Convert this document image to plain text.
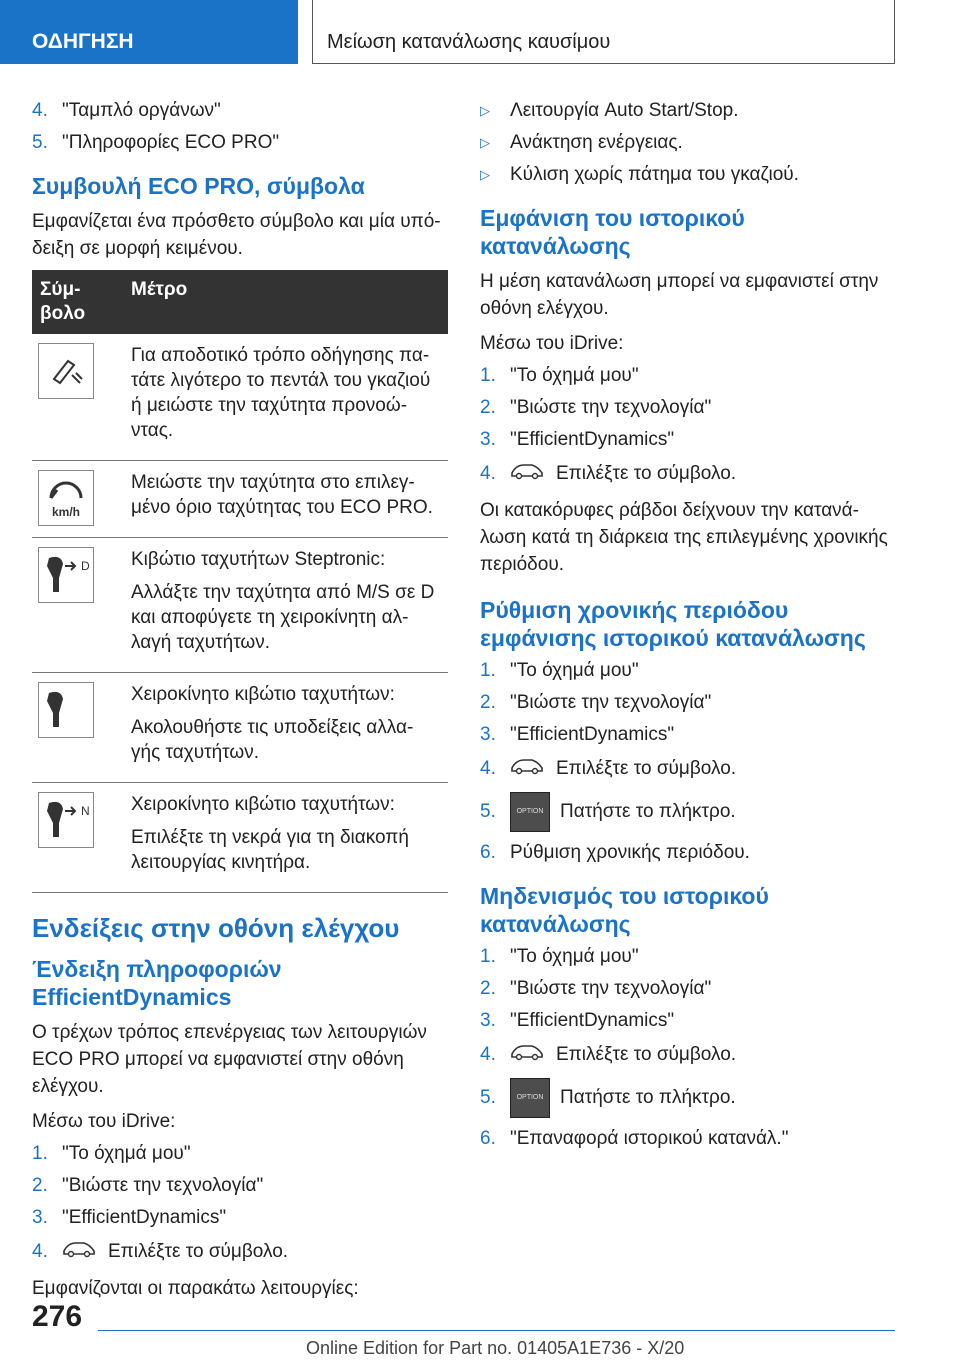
ΟΔΗΓΗΣΗ	Μείωση κατανάλωσης καυσίμου
4. "Ταμπλό οργάνων"
5. "Πληροφορίες ECO PRO"
Συμβουλή ECO PRO, σύμβολα
Εμφανίζεται ένα πρόσθετο σύμβολο και μία υπό-δειξη σε μορφή κειμένου.
Σύμ-βολο	Μέτρο

Για αποδοτικό τρόπο οδήγησης πα-τάτε λιγότερο το πεντάλ του γκαζιού ή μειώστε την ταχύτητα προνοώ-ντας.

km/h	Μειώστε την ταχύτητα στο επιλεγ-μένο όριο ταχύτητας του ECO PRO.

D	Κιβώτιο ταχυτήτων Steptronic:

Αλλάξτε την ταχύτητα από M/S σε D και αποφύγετε τη χειροκίνητη αλ-λαγή ταχυτήτων.

Χειροκίνητο κιβώτιο ταχυτήτων:

Ακολουθήστε τις υποδείξεις αλλα-γής ταχυτήτων.

N	Χειροκίνητο κιβώτιο ταχυτήτων:

Επιλέξτε τη νεκρά για τη διακοπή λειτουργίας κινητήρα.

Ενδείξεις στην οθόνη ελέγχου
Ένδειξη πληροφοριών EfficientDynamics
Ο τρέχων τρόπος επενέργειας των λειτουργιών ECO PRO μπορεί να εμφανιστεί στην οθόνη ελέγχου.
Μέσω του iDrive:
1. "Το όχημά μου"
2. "Βιώστε την τεχνολογία"
3. "EfficientDynamics"
4.	Επιλέξτε το σύμβολο.
Εμφανίζονται οι παρακάτω λειτουργίες:
▷	Λειτουργία Auto Start/Stop.
▷	Ανάκτηση ενέργειας.
▷	Κύλιση χωρίς πάτημα του γκαζιού.
Εμφάνιση του ιστορικού κατανάλωσης
Η μέση κατανάλωση μπορεί να εμφανιστεί στην οθόνη ελέγχου.
Μέσω του iDrive:
1. "Το όχημά μου"
2. "Βιώστε την τεχνολογία"
3. "EfficientDynamics"
4.	Επιλέξτε το σύμβολο.
Οι κατακόρυφες ράβδοι δείχνουν την κατανά-λωση κατά τη διάρκεια της επιλεγμένης χρονικής περιόδου.
Ρύθμιση χρονικής περιόδου εμφάνισης ιστορικού κατανάλωσης
1. "Το όχημά μου"
2. "Βιώστε την τεχνολογία"
3. "EfficientDynamics"
4.	Επιλέξτε το σύμβολο.
5.	OPTION Πατήστε το πλήκτρο.
6. Ρύθμιση χρονικής περιόδου.
Μηδενισμός του ιστορικού κατανάλωσης
1. "Το όχημά μου"
2. "Βιώστε την τεχνολογία"
3. "EfficientDynamics"
4.	Επιλέξτε το σύμβολο.
5.	OPTION Πατήστε το πλήκτρο.
6. "Επαναφορά ιστορικού κατανάλ."
276
Online Edition for Part no. 01405A1E736 - X/20
